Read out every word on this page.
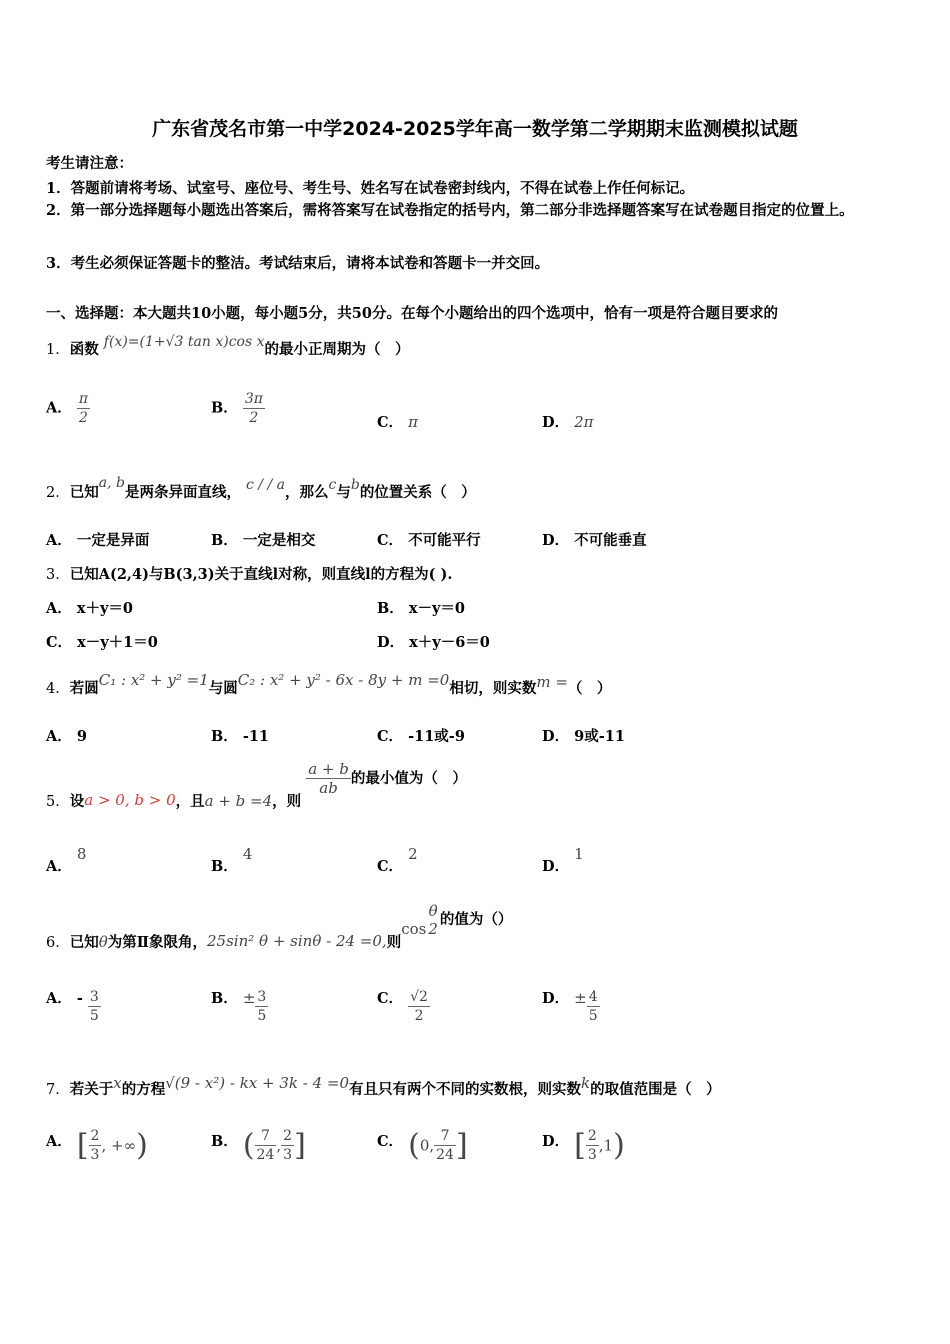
广东省茂名市第一中学2024-2025学年高一数学第二学期期末监测模拟试题
考生请注意：
1．答题前请将考场、试室号、座位号、考生号、姓名写在试卷密封线内，不得在试卷上作任何标记。
2．第一部分选择题每小题选出答案后，需将答案写在试卷指定的括号内，第二部分非选择题答案写在试卷题目指定的位置上。
3．考生必须保证答题卡的整洁。考试结束后，请将本试卷和答题卡一并交回。
一、选择题：本大题共10小题，每小题5分，共50分。在每个小题给出的四个选项中，恰有一项是符合题目要求的
1．函数 f(x)=(1+√3 tan x)cos x的最小正周期为（　）
A． $\frac{\pi}{2}$	B． $\frac{3\pi}{2}$	C． π	D． 2π
2．已知a, b是两条异面直线， c / / a，那么c与b的位置关系（　）
A． 一定是异面	B． 一定是相交	C． 不可能平行	D． 不可能垂直
3．已知A(2,4)与B(3,3)关于直线l对称，则直线l的方程为( ).
A． x＋y＝0	B． x－y＝0
C． x－y＋1＝0	D． x＋y－6＝0
4．若圆C₁ : x² + y² =1与圆C₂ : x² + y² - 6x - 8y + m =0相切，则实数m =（　）
A． 9	B． -11	C． -11或-9	D． 9或-11
5．设a > 0, b > 0，且a + b =4，则
$\frac{a + b}{ab}$ 的最小值为（　）
A． 8
B． 4
C． 2
D． 1
6．已知θ为第Ⅱ象限角，25sin² θ + sinθ - 24 =0,则cos
θ
2
的值为（）
A． - $\frac{3}{5}$	B． ± $\frac{3}{5}$	C． $\frac{√2}{2}$	D． ± $\frac{4}{5}$
7．若关于x的方程√(9 - x²) - kx + 3k - 4 =0有且只有两个不同的实数根，则实数k的取值范围是（　）
A． [ $\frac{2}{3}$ , +∞)	B． ( $\frac{7}{24}$ , $\frac{2}{3}$ ]	C． (0, $\frac{7}{24}$ ]	D． [ $\frac{2}{3} ,1$)
